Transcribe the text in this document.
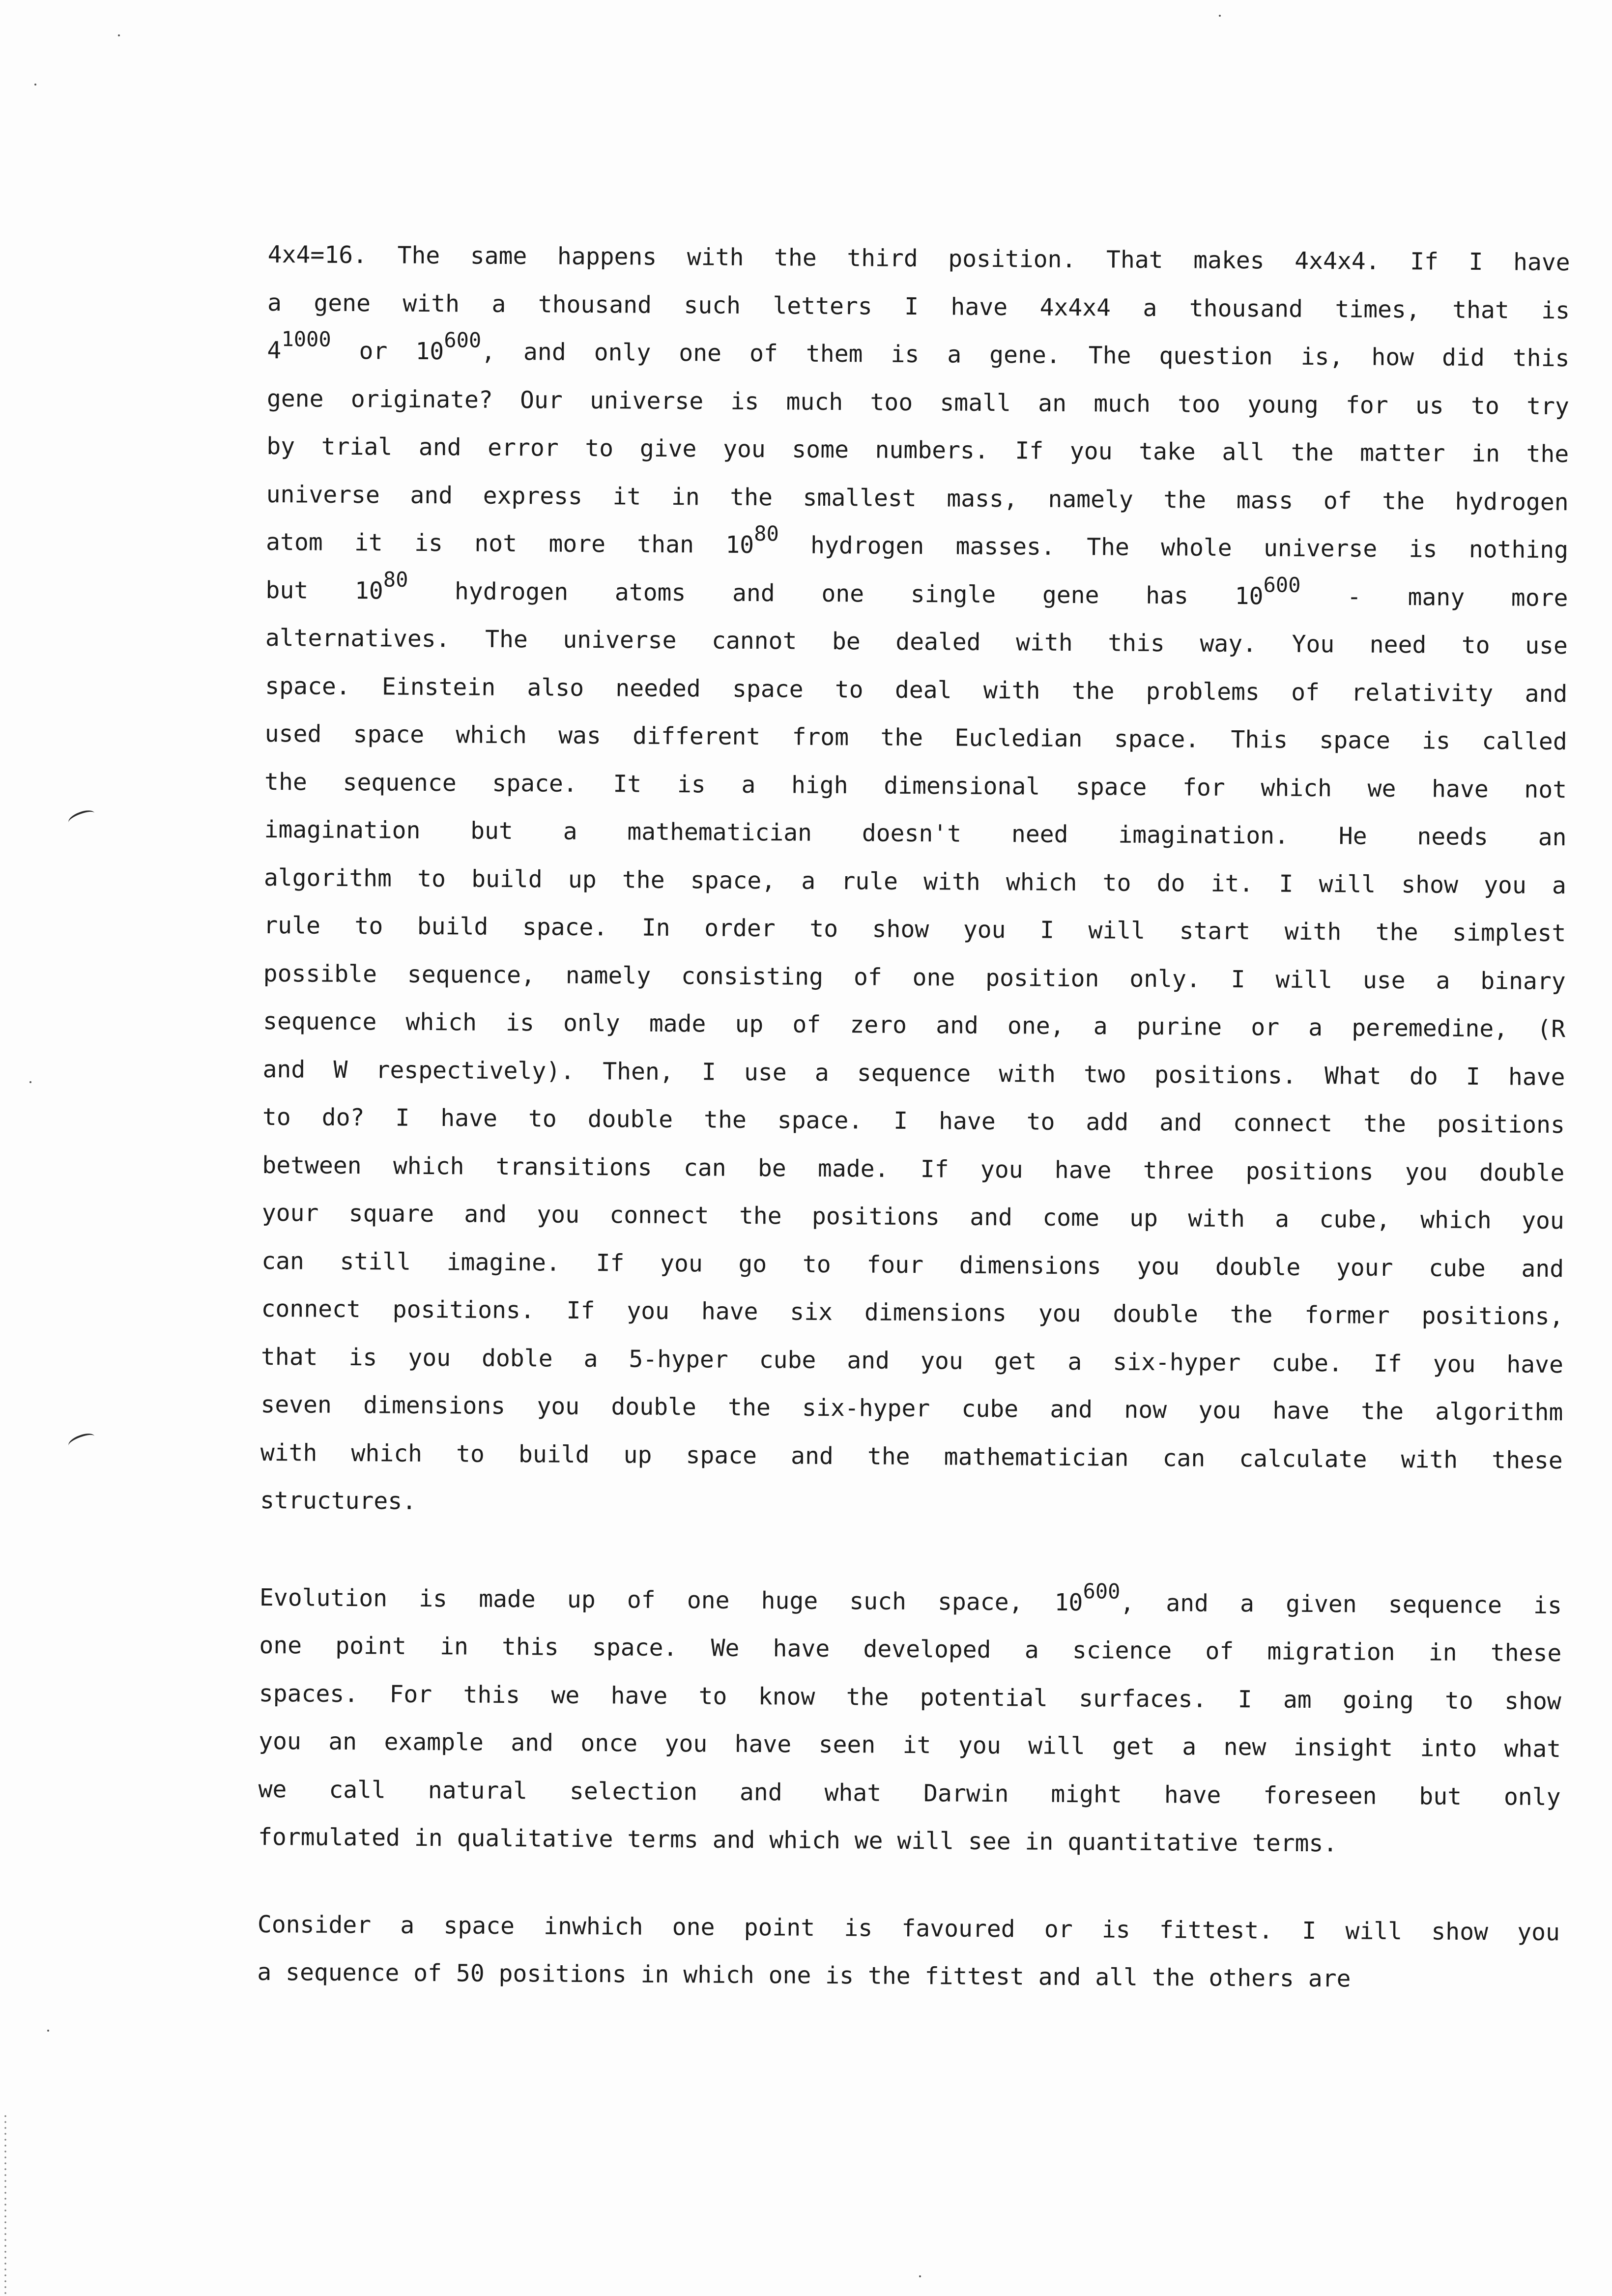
4x4=16. The same happens with the third position. That makes 4x4x4. If I have
a gene with a thousand such letters I have 4x4x4 a thousand times, that is
$4^{1000}$ or $10^{600}$, and only one of them is a gene. The question is, how did this
gene originate? Our universe is much too small an much too young for us to try
by trial and error to give you some numbers. If you take all the matter in the
universe and express it in the smallest mass, namely the mass of the hydrogen
atom it is not more than $10^{80}$ hydrogen masses. The whole universe is nothing
but $10^{80}$ hydrogen atoms and one single gene has $10^{600}$ - many more
alternatives. The universe cannot be dealed with this way. You need to use
space. Einstein also needed space to deal with the problems of relativity and
used space which was different from the Eucledian space. This space is called
the sequence space. It is a high dimensional space for which we have not
imagination but a mathematician doesn't need imagination. He needs an
algorithm to build up the space, a rule with which to do it. I will show you a
rule to build space. In order to show you I will start with the simplest
possible sequence, namely consisting of one position only. I will use a binary
sequence which is only made up of zero and one, a purine or a peremedine, (R
and W respectively). Then, I use a sequence with two positions. What do I have
to do? I have to double the space. I have to add and connect the positions
between which transitions can be made. If you have three positions you double
your square and you connect the positions and come up with a cube, which you
can still imagine. If you go to four dimensions you double your cube and
connect positions. If you have six dimensions you double the former positions,
that is you doble a 5-hyper cube and you get a six-hyper cube. If you have
seven dimensions you double the six-hyper cube and now you have the algorithm
with which to build up space and the mathematician can calculate with these
structures.
Evolution is made up of one huge such space, $10^{600}$, and a given sequence is
one point in this space. We have developed a science of migration in these
spaces. For this we have to know the potential surfaces. I am going to show
you an example and once you have seen it you will get a new insight into what
we call natural selection and what Darwin might have foreseen but only
formulated in qualitative terms and which we will see in quantitative terms.
Consider a space inwhich one point is favoured or is fittest. I will show you
a sequence of 50 positions in which one is the fittest and all the others are
